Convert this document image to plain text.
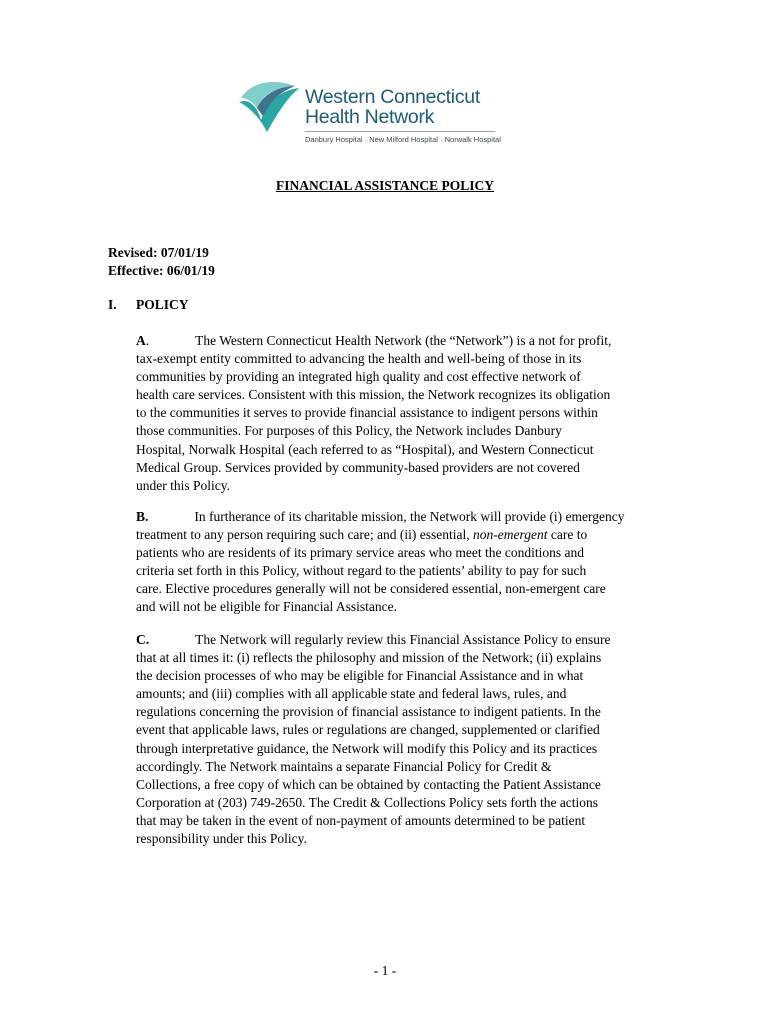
Western Connecticut
Health Network
Danbury Hospital · New Milford Hospital · Norwalk Hospital
FINANCIAL ASSISTANCE POLICY
Revised: 07/01/19
Effective: 06/01/19
I. POLICY
A.	The Western Connecticut Health Network (the “Network”) is a not for profit,
tax-exempt entity committed to advancing the health and well-being of those in its
communities by providing an integrated high quality and cost effective network of
health care services. Consistent with this mission, the Network recognizes its obligation
to the communities it serves to provide financial assistance to indigent persons within
those communities. For purposes of this Policy, the Network includes Danbury
Hospital, Norwalk Hospital (each referred to as “Hospital), and Western Connecticut
Medical Group. Services provided by community-based providers are not covered
under this Policy.
B.	In furtherance of its charitable mission, the Network will provide (i) emergency
treatment to any person requiring such care; and (ii) essential, non-emergent care to
patients who are residents of its primary service areas who meet the conditions and
criteria set forth in this Policy, without regard to the patients’ ability to pay for such
care. Elective procedures generally will not be considered essential, non-emergent care
and will not be eligible for Financial Assistance.
C.	The Network will regularly review this Financial Assistance Policy to ensure
that at all times it: (i) reflects the philosophy and mission of the Network; (ii) explains
the decision processes of who may be eligible for Financial Assistance and in what
amounts; and (iii) complies with all applicable state and federal laws, rules, and
regulations concerning the provision of financial assistance to indigent patients. In the
event that applicable laws, rules or regulations are changed, supplemented or clarified
through interpretative guidance, the Network will modify this Policy and its practices
accordingly. The Network maintains a separate Financial Policy for Credit &
Collections, a free copy of which can be obtained by contacting the Patient Assistance
Corporation at (203) 749-2650. The Credit & Collections Policy sets forth the actions
that may be taken in the event of non-payment of amounts determined to be patient
responsibility under this Policy.
- 1 -
